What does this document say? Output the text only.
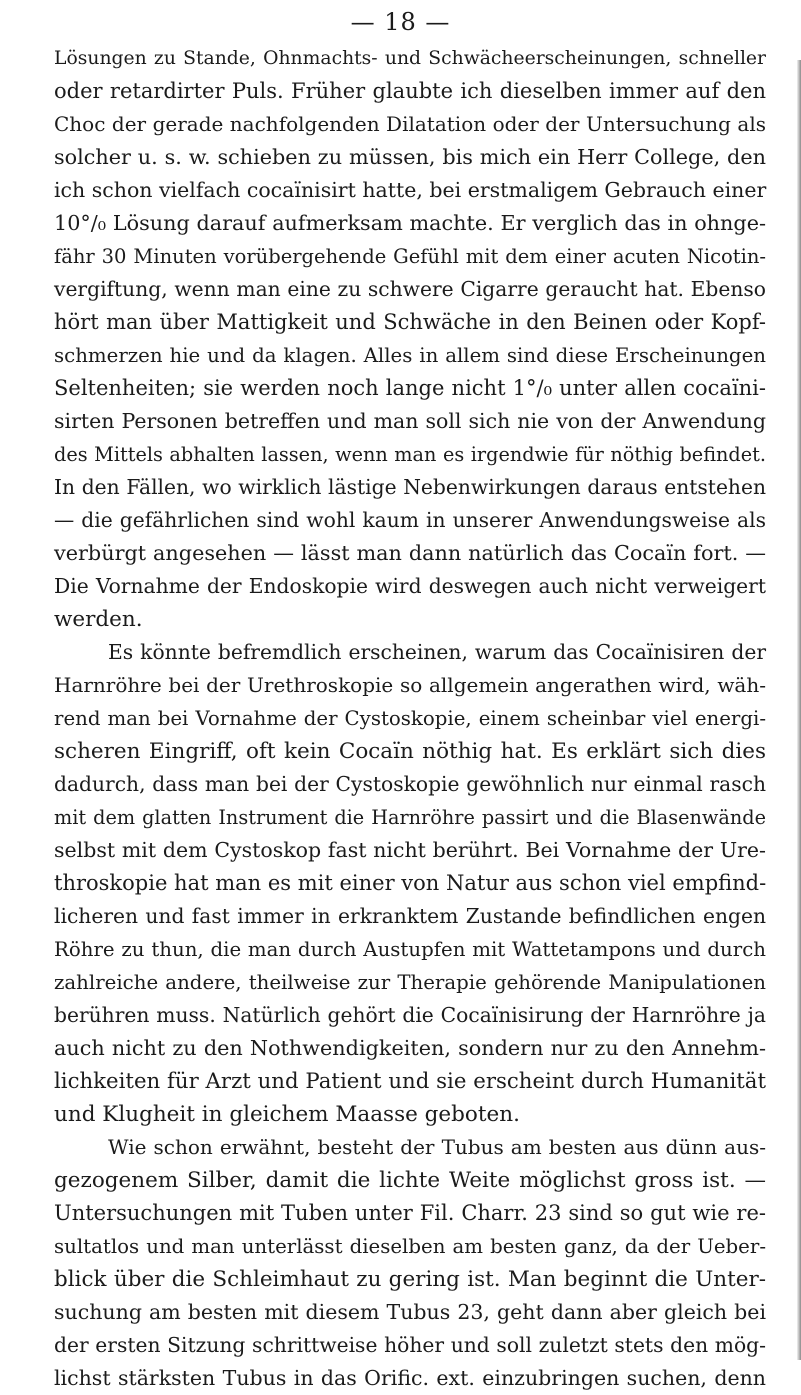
— 18 —
Lösungen zu Stande, Ohnmachts- und Schwächeerscheinungen, schneller
oder retardirter Puls. Früher glaubte ich dieselben immer auf den
Choc der gerade nachfolgenden Dilatation oder der Untersuchung als
solcher u. s. w. schieben zu müssen, bis mich ein Herr College, den
ich schon vielfach cocaïnisirt hatte, bei erstmaligem Gebrauch einer
10°/₀ Lösung darauf aufmerksam machte. Er verglich das in ohnge-
fähr 30 Minuten vorübergehende Gefühl mit dem einer acuten Nicotin-
vergiftung, wenn man eine zu schwere Cigarre geraucht hat. Ebenso
hört man über Mattigkeit und Schwäche in den Beinen oder Kopf-
schmerzen hie und da klagen. Alles in allem sind diese Erscheinungen
Seltenheiten; sie werden noch lange nicht 1°/₀ unter allen cocaïni-
sirten Personen betreffen und man soll sich nie von der Anwendung
des Mittels abhalten lassen, wenn man es irgendwie für nöthig befindet.
In den Fällen, wo wirklich lästige Nebenwirkungen daraus entstehen
— die gefährlichen sind wohl kaum in unserer Anwendungsweise als
verbürgt angesehen — lässt man dann natürlich das Cocaïn fort. —
Die Vornahme der Endoskopie wird deswegen auch nicht verweigert
werden.
Es könnte befremdlich erscheinen, warum das Cocaïnisiren der
Harnröhre bei der Urethroskopie so allgemein angerathen wird, wäh-
rend man bei Vornahme der Cystoskopie, einem scheinbar viel energi-
scheren Eingriff, oft kein Cocaïn nöthig hat. Es erklärt sich dies
dadurch, dass man bei der Cystoskopie gewöhnlich nur einmal rasch
mit dem glatten Instrument die Harnröhre passirt und die Blasenwände
selbst mit dem Cystoskop fast nicht berührt. Bei Vornahme der Ure-
throskopie hat man es mit einer von Natur aus schon viel empfind-
licheren und fast immer in erkranktem Zustande befindlichen engen
Röhre zu thun, die man durch Austupfen mit Wattetampons und durch
zahlreiche andere, theilweise zur Therapie gehörende Manipulationen
berühren muss. Natürlich gehört die Cocaïnisirung der Harnröhre ja
auch nicht zu den Nothwendigkeiten, sondern nur zu den Annehm-
lichkeiten für Arzt und Patient und sie erscheint durch Humanität
und Klugheit in gleichem Maasse geboten.
Wie schon erwähnt, besteht der Tubus am besten aus dünn aus-
gezogenem Silber, damit die lichte Weite möglichst gross ist. —
Untersuchungen mit Tuben unter Fil. Charr. 23 sind so gut wie re-
sultatlos und man unterlässt dieselben am besten ganz, da der Ueber-
blick über die Schleimhaut zu gering ist. Man beginnt die Unter-
suchung am besten mit diesem Tubus 23, geht dann aber gleich bei
der ersten Sitzung schrittweise höher und soll zuletzt stets den mög-
lichst stärksten Tubus in das Orific. ext. einzubringen suchen, denn
